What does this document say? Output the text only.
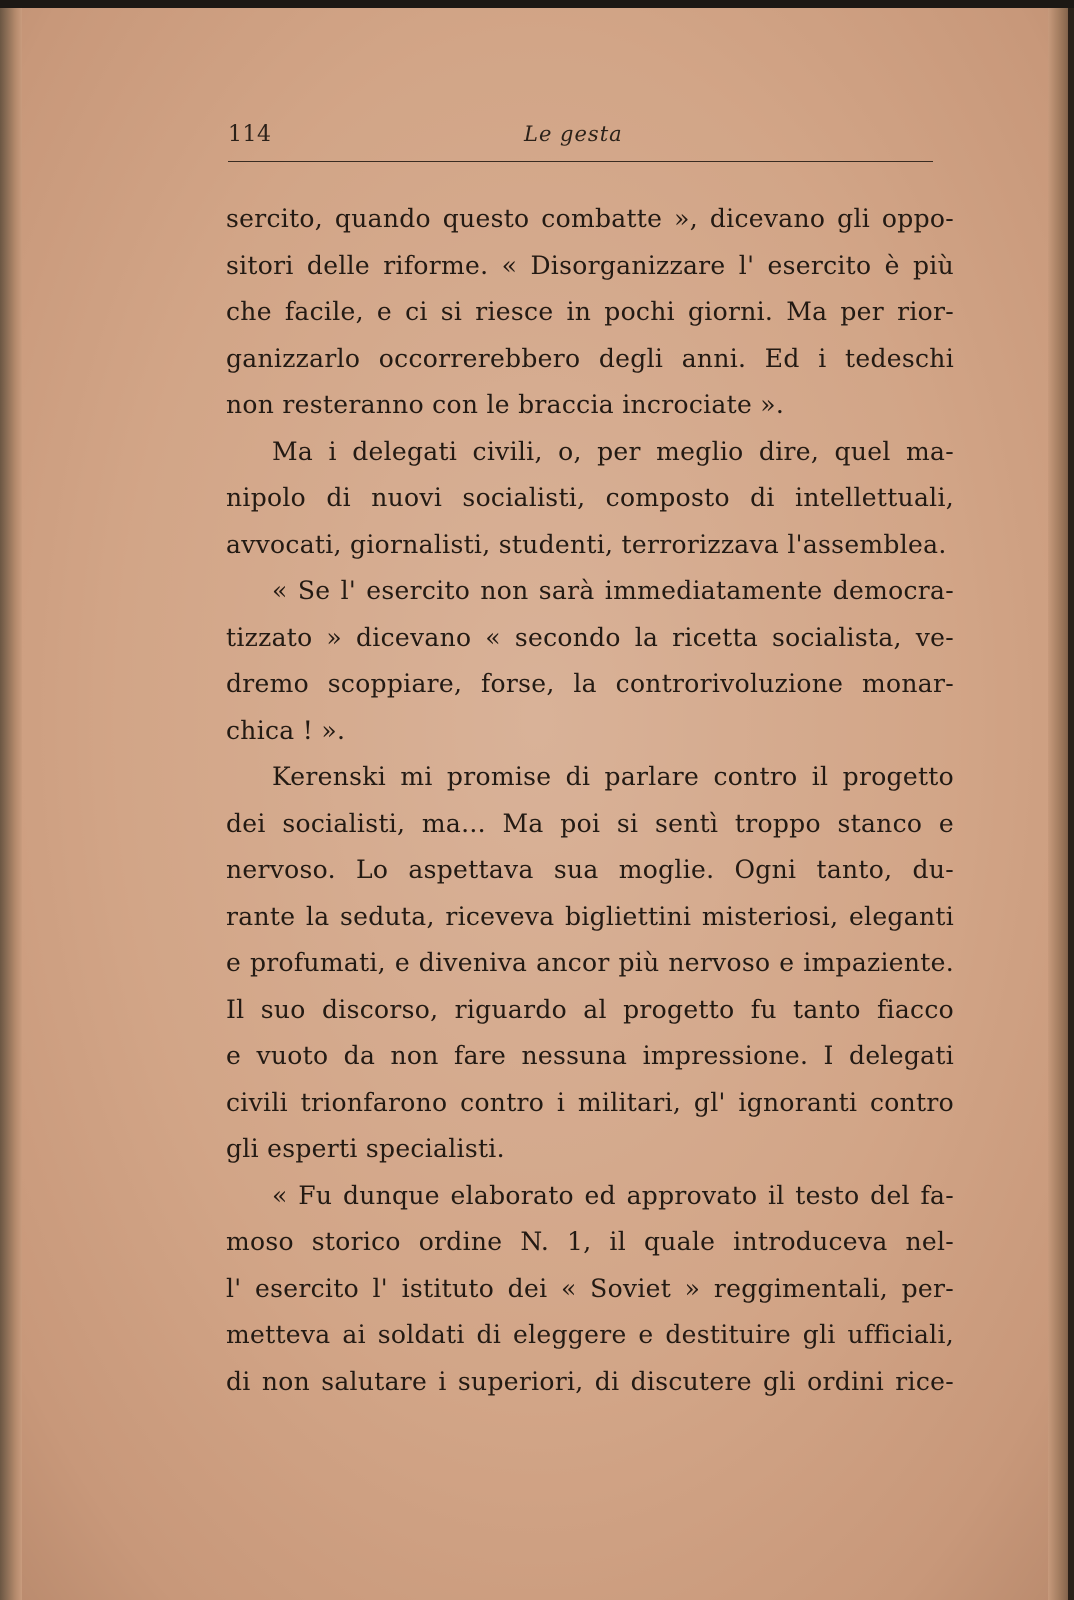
114	Le gesta
sercito, quando questo combatte », dicevano gli oppo-
sitori delle riforme. « Disorganizzare l' esercito è più
che facile, e ci si riesce in pochi giorni. Ma per rior-
ganizzarlo occorrerebbero degli anni. Ed i tedeschi
non resteranno con le braccia incrociate ».
Ma i delegati civili, o, per meglio dire, quel ma-
nipolo di nuovi socialisti, composto di intellettuali,
avvocati, giornalisti, studenti, terrorizzava l'assemblea.
« Se l' esercito non sarà immediatamente democra-
tizzato » dicevano « secondo la ricetta socialista, ve-
dremo scoppiare, forse, la controrivoluzione monar-
chica ! ».
Kerenski mi promise di parlare contro il progetto
dei socialisti, ma... Ma poi si sentì troppo stanco e
nervoso. Lo aspettava sua moglie. Ogni tanto, du-
rante la seduta, riceveva bigliettini misteriosi, eleganti
e profumati, e diveniva ancor più nervoso e impaziente.
Il suo discorso, riguardo al progetto fu tanto fiacco
e vuoto da non fare nessuna impressione. I delegati
civili trionfarono contro i militari, gl' ignoranti contro
gli esperti specialisti.
« Fu dunque elaborato ed approvato il testo del fa-
moso storico ordine N. 1, il quale introduceva nel-
l' esercito l' istituto dei « Soviet » reggimentali, per-
metteva ai soldati di eleggere e destituire gli ufficiali,
di non salutare i superiori, di discutere gli ordini rice-
